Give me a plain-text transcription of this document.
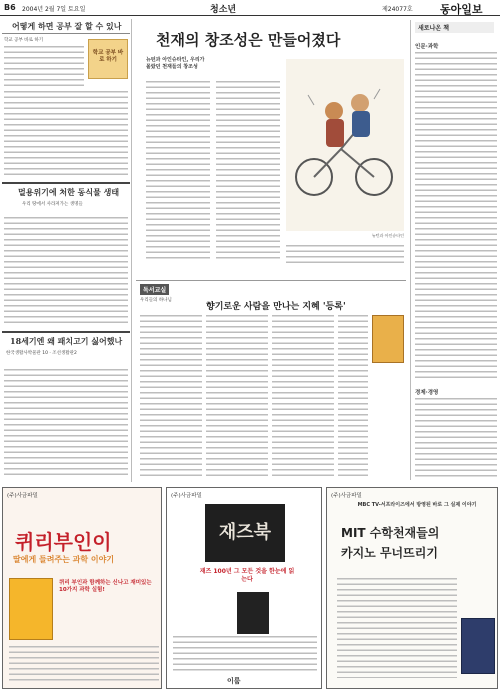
B6 2004년 2월 7일 토요일	청소년	제24077호 동아일보
어떻게 하면 공부 잘 할 수 있나
학교 공부 바로 하기
학교 공부 바로 하기
멀용위기에 처한 동식물 생태
우리 땅에서 사라져가는 생명들
18세기엔 왜 패치고기 싫어했나
한국생활사박물관 10 · 조선생활관2
천재의 창조성은 만들어졌다
뉴턴과 아인슈타인, 우리가 몰랐던 천재들의 창조성
뉴턴과 아인슈타인
독서교실
향기로운 사람을 만나는 지혜 '등록'
우리들의 하나님
새로나온 책
인문·과학
경제·경영
(주)사금파밀
퀴리부인이
딸에게 들려주는 과학 이야기
퀴리 부인과 함께하는 신나고 재미있는 10가지 과학 실험!
(주)사금파밀
재즈북
재즈 100년 그 모든 것을 한눈에 읽는다
이룸
(주)사금파밀
MBC TV-서프라이즈에서 방영된 바로 그 실제 이야기
MIT 수학천재들의
카지노 무너뜨리기
